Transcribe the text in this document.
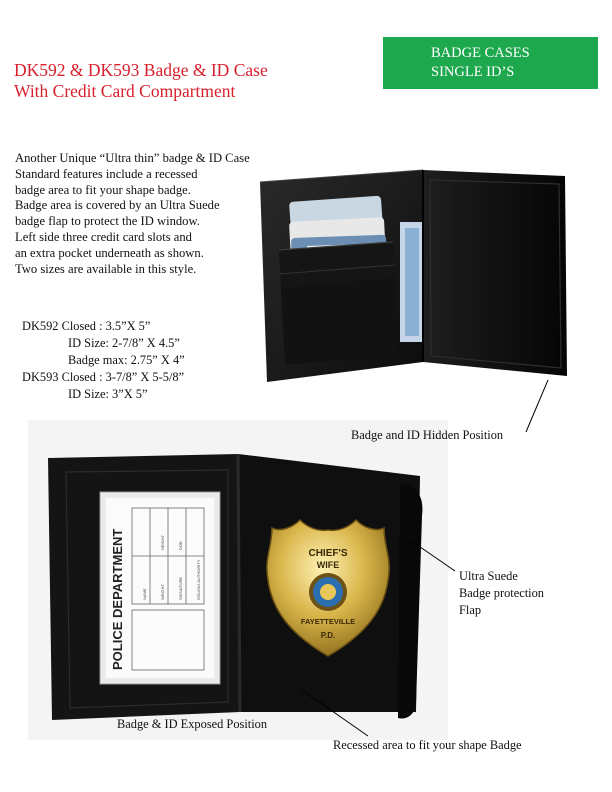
DK592 & DK593 Badge & ID Case
With Credit Card Compartment
BADGE CASES
SINGLE ID’S
Another Unique “Ultra thin” badge & ID Case
Standard features include a recessed
badge area to fit your shape badge.
Badge area is covered by an Ultra Suede
badge flap to protect the ID window.
Left side three credit card slots and
an extra pocket underneath as shown.
Two sizes are available in this style.
DK592 Closed : 3.5”X 5”
ID Size: 2-7/8” X 4.5”
Badge max: 2.75” X 4”
DK593 Closed : 3-7/8” X 5-5/8”
ID Size: 3”X 5”
POLICE DEPARTMENT	NAME
HEIGHT
WEIGHT
DOB
SIGNATURE	ISSUING AUTHORITY
CHIEF'S
WIFE
FAYETTEVILLE
P.D.
Badge and ID Hidden Position
Ultra Suede
Badge protection
Flap
Badge & ID Exposed Position
Recessed area to fit your shape Badge
